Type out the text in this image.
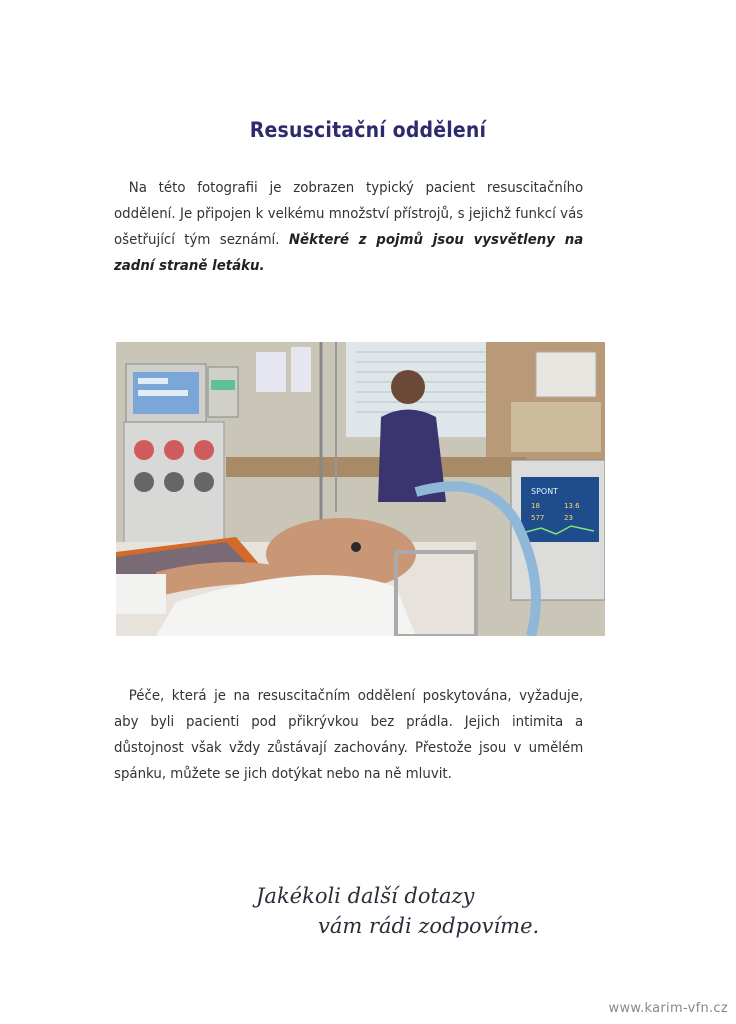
Resuscitační oddělení
Na této fotografii je zobrazen typický pacient resuscitačního oddělení. Je připojen k velkému množství přístrojů, s jejichž funkcí vás ošetřující tým seznámí. Některé z pojmů jsou vysvětleny na zadní straně letáku.
SPONT
18	13.6
577	23
Péče, která je na resuscitačním oddělení poskytována, vyžaduje, aby byli pacienti pod přikrývkou bez prádla. Jejich intimita a důstojnost však vždy zůstávají zachovány. Přestože jsou v umělém spánku, můžete se jich dotýkat nebo na ně mluvit.
Jakékoli další dotazy
vám rádi zodpovíme.
www.karim-vfn.cz
